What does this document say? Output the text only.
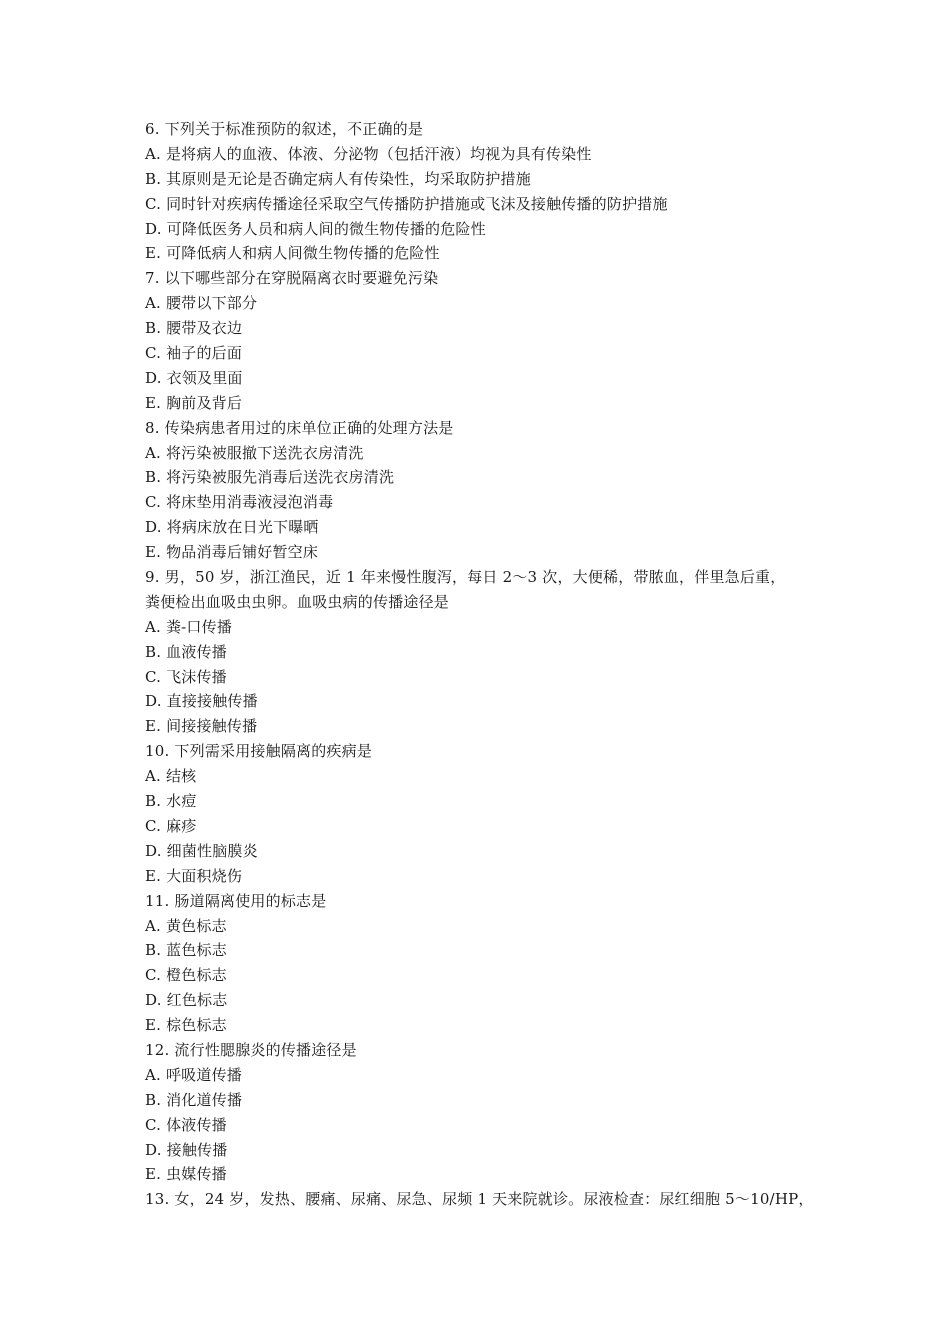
6. 下列关于标准预防的叙述，不正确的是
A. 是将病人的血液、体液、分泌物（包括汗液）均视为具有传染性
B. 其原则是无论是否确定病人有传染性，均采取防护措施
C. 同时针对疾病传播途径采取空气传播防护措施或飞沫及接触传播的防护措施
D. 可降低医务人员和病人间的微生物传播的危险性
E. 可降低病人和病人间微生物传播的危险性
7. 以下哪些部分在穿脱隔离衣时要避免污染
A. 腰带以下部分
B. 腰带及衣边
C. 袖子的后面
D. 衣领及里面
E. 胸前及背后
8. 传染病患者用过的床单位正确的处理方法是
A. 将污染被服撤下送洗衣房清洗
B. 将污染被服先消毒后送洗衣房清洗
C. 将床垫用消毒液浸泡消毒
D. 将病床放在日光下曝晒
E. 物品消毒后铺好暂空床
9. 男，50 岁，浙江渔民，近 1 年来慢性腹泻，每日 2～3 次，大便稀，带脓血，伴里急后重，
粪便检出血吸虫虫卵。血吸虫病的传播途径是
A. 粪-口传播
B. 血液传播
C. 飞沫传播
D. 直接接触传播
E. 间接接触传播
10. 下列需采用接触隔离的疾病是
A. 结核
B. 水痘
C. 麻疹
D. 细菌性脑膜炎
E. 大面积烧伤
11. 肠道隔离使用的标志是
A. 黄色标志
B. 蓝色标志
C. 橙色标志
D. 红色标志
E. 棕色标志
12. 流行性腮腺炎的传播途径是
A. 呼吸道传播
B. 消化道传播
C. 体液传播
D. 接触传播
E. 虫媒传播
13. 女，24 岁，发热、腰痛、尿痛、尿急、尿频 1 天来院就诊。尿液检查：尿红细胞 5～10/HP，
